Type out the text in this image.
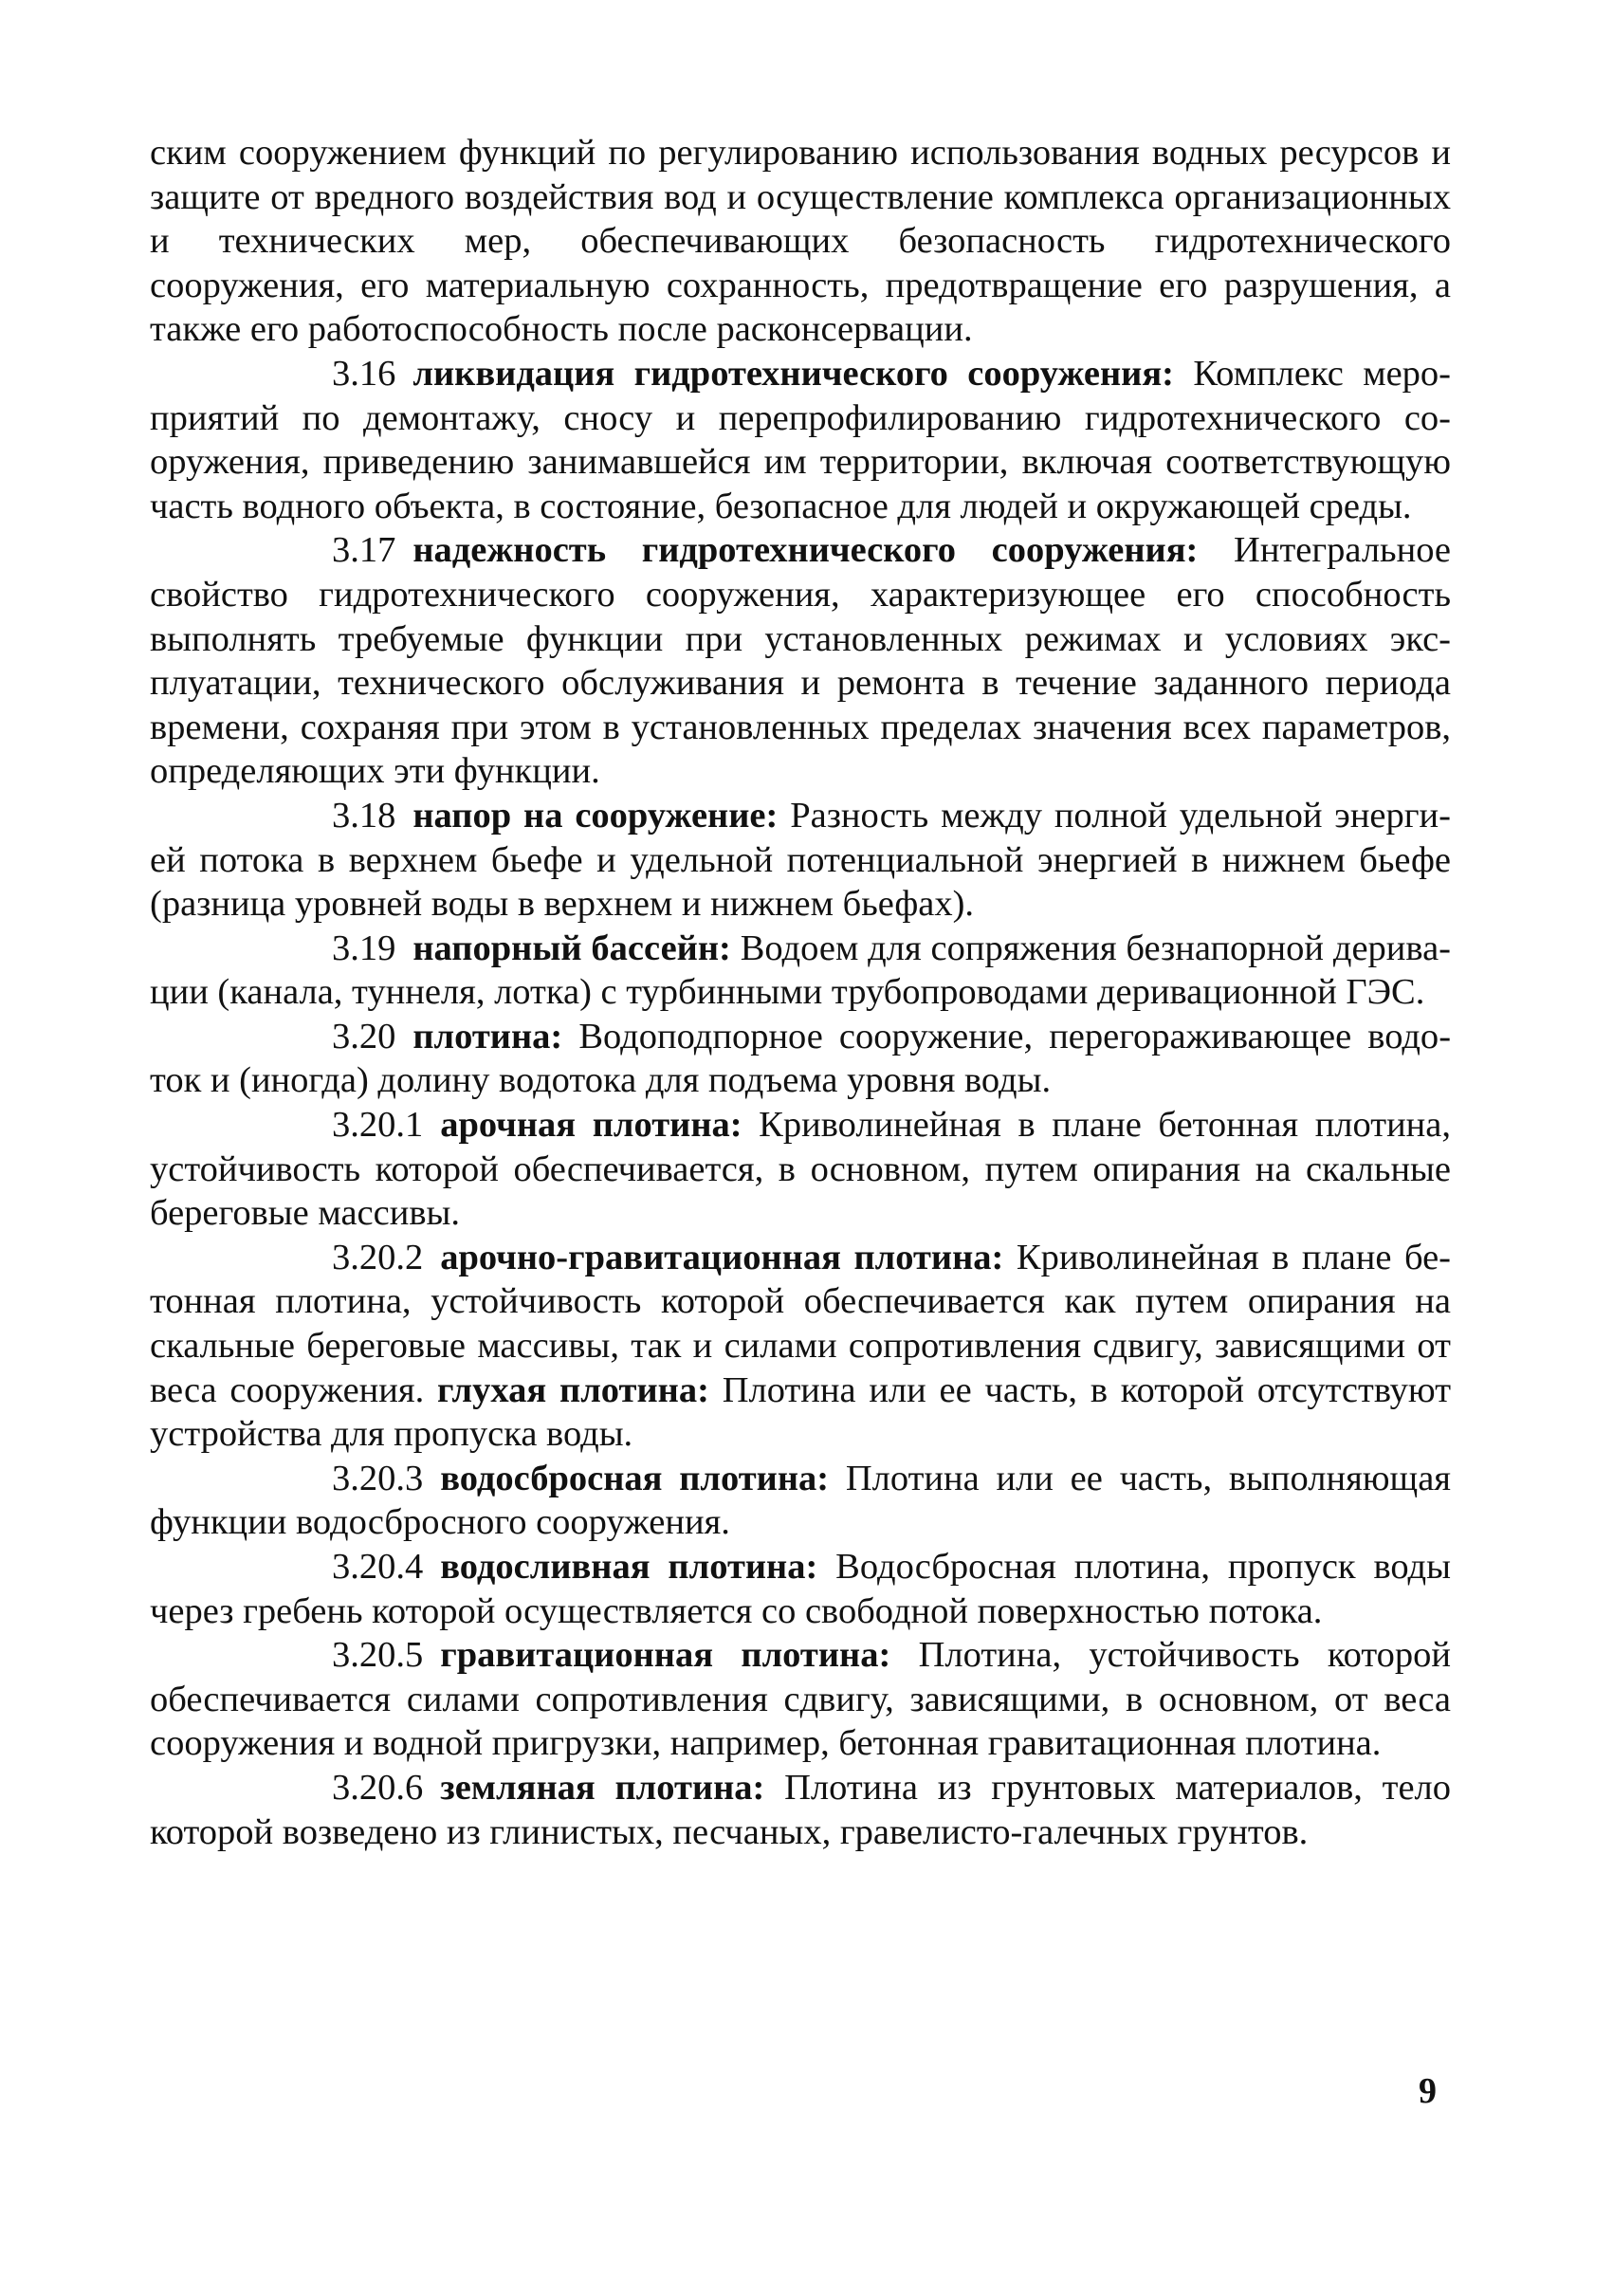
ским сооружением функций по регулированию использования водных ресурсов и защите от вредного воздействия вод и осуществление комплекса организационных и технических мер, обеспечивающих безопасность гидротехнического сооружения, его материальную сохранность, предотвращение его разрушения, а также его работоспособность после расконсервации.

3.16 ликвидация гидротехнического сооружения: Комплекс мероприятий по демонтажу, сносу и перепрофилированию гидротехнического сооружения, приведению занимавшейся им территории, включая соответствующую часть водного объекта, в состояние, безопасное для людей и окружающей среды.

3.17 надежность гидротехнического сооружения: Интегральное свойство гидротехнического сооружения, характеризующее его способность выполнять требуемые функции при установленных режимах и условиях эксплуатации, технического обслуживания и ремонта в течение заданного периода времени, сохраняя при этом в установленных пределах значения всех параметров, определяющих эти функции.

3.18 напор на сооружение: Разность между полной удельной энергией потока в верхнем бьефе и удельной потенциальной энергией в нижнем бьефе (разница уровней воды в верхнем и нижнем бьефах).

3.19 напорный бассейн: Водоем для сопряжения безнапорной деривации (канала, туннеля, лотка) с турбинными трубопроводами деривационной ГЭС.

3.20 плотина: Водоподпорное сооружение, перегораживающее водоток и (иногда) долину водотока для подъема уровня воды.

3.20.1 арочная плотина: Криволинейная в плане бетонная плотина, устойчивость которой обеспечивается, в основном, путем опирания на скальные береговые массивы.

3.20.2 арочно-гравитационная плотина: Криволинейная в плане бетонная плотина, устойчивость которой обеспечивается как путем опирания на скальные береговые массивы, так и силами сопротивления сдвигу, зависящими от веса сооружения. глухая плотина: Плотина или ее часть, в которой отсутствуют устройства для пропуска воды.

3.20.3 водосбросная плотина: Плотина или ее часть, выполняющая функции водосбросного сооружения.

3.20.4 водосливная плотина: Водосбросная плотина, пропуск воды через гребень которой осуществляется со свободной поверхностью потока.

3.20.5 гравитационная плотина: Плотина, устойчивость которой обеспечивается силами сопротивления сдвигу, зависящими, в основном, от веса сооружения и водной пригрузки, например, бетонная гравитационная плотина.

3.20.6 земляная плотина: Плотина из грунтовых материалов, тело которой возведено из глинистых, песчаных, гравелисто-галечных грунтов.

9
